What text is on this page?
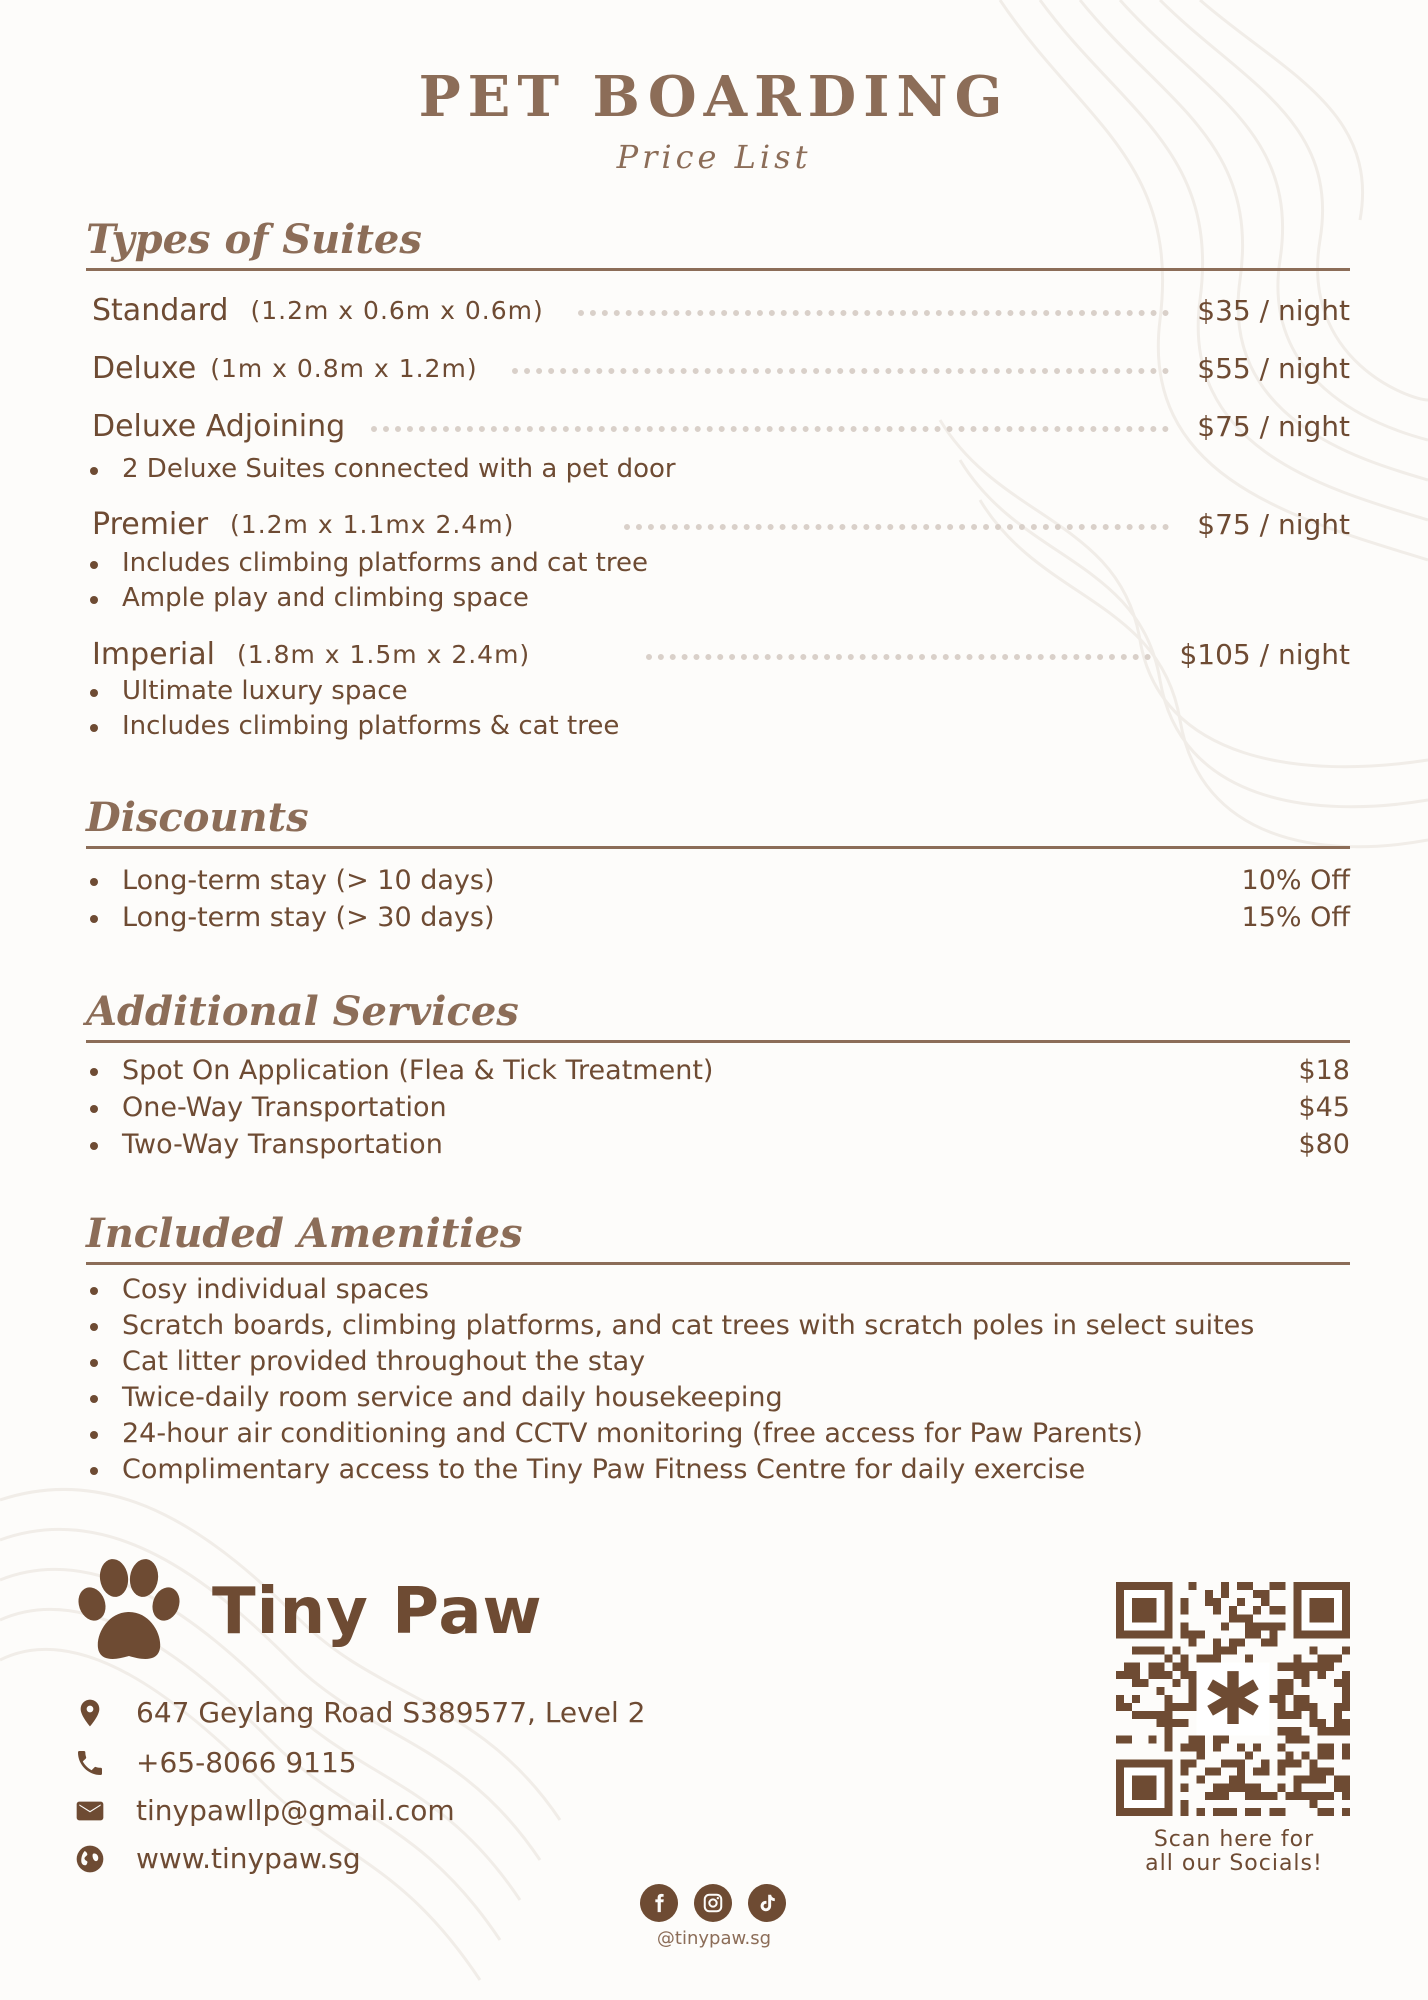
PET BOARDING
Price List
Types of Suites
Standard (1.2m x 0.6m x 0.6m)	$35 / night
Deluxe (1m x 0.8m x 1.2m)	$55 / night
Deluxe Adjoining	$75 / night
2 Deluxe Suites connected with a pet door
Premier (1.2m x 1.1mx 2.4m)	$75 / night
Includes climbing platforms and cat tree
Ample play and climbing space
Imperial (1.8m x 1.5m x 2.4m)	$105 / night
Ultimate luxury space
Includes climbing platforms & cat tree
Discounts
Long-term stay (> 10 days)	10% Off
Long-term stay (> 30 days)	15% Off
Additional Services
Spot On Application (Flea & Tick Treatment)	$18
One-Way Transportation	$45
Two-Way Transportation	$80
Included Amenities
Cosy individual spaces
Scratch boards, climbing platforms, and cat trees with scratch poles in select suites
Cat litter provided throughout the stay
Twice-daily room service and daily housekeeping
24-hour air conditioning and CCTV monitoring (free access for Paw Parents)
Complimentary access to the Tiny Paw Fitness Centre for daily exercise
Tiny Paw
647 Geylang Road S389577, Level 2
+65-8066 9115
tinypawllp@gmail.com
www.tinypaw.sg
✱
Scan here for
all our Socials!
@tinypaw.sg
